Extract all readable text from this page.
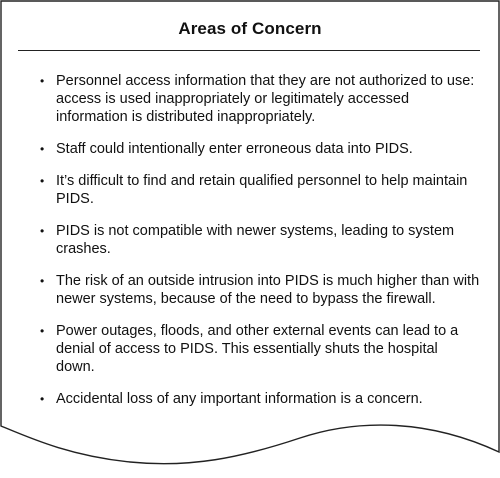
Areas of Concern
• Personnel access information that they are not authorized to use: access is used inappropriately or legitimately accessed information is distributed inappropriately.
• Staff could intentionally enter erroneous data into PIDS.
• It’s difficult to find and retain qualified personnel to help maintain PIDS.
• PIDS is not compatible with newer systems, leading to system crashes.
• The risk of an outside intrusion into PIDS is much higher than with newer systems, because of the need to bypass the firewall.
• Power outages, floods, and other external events can lead to a denial of access to PIDS. This essentially shuts the hospital down.
• Accidental loss of any important information is a concern.
